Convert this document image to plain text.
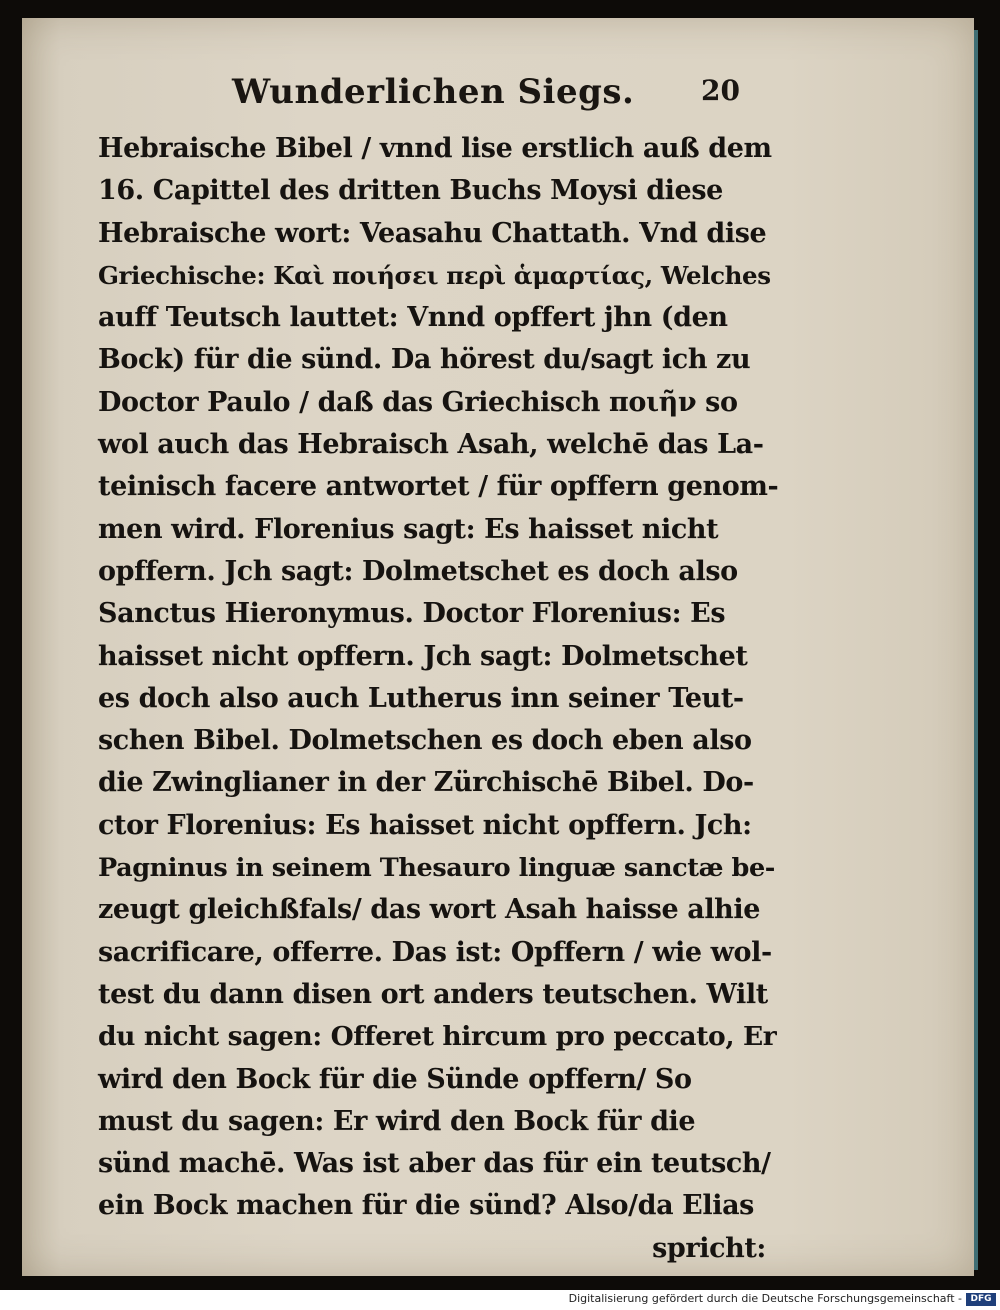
Wunderlichen Siegs. 20
Hebraische Bibel / vnnd lise erstlich auß dem
16. Capittel des dritten Buchs Moysi diese
Hebraische wort: Veasahu Chattath. Vnd dise
Griechische: Καὶ ποιήσει περὶ ἁμαρτίας, Welches
auff Teutsch lauttet: Vnnd opffert jhn (den
Bock) für die sünd. Da hörest du/sagt ich zu
Doctor Paulo / daß das Griechisch ποιῆν so
wol auch das Hebraisch Asah, welchē das La-
teinisch facere antwortet / für opffern genom-
men wird. Florenius sagt: Es haisset nicht
opffern. Jch sagt: Dolmetschet es doch also
Sanctus Hieronymus. Doctor Florenius: Es
haisset nicht opffern. Jch sagt: Dolmetschet
es doch also auch Lutherus inn seiner Teut-
schen Bibel. Dolmetschen es doch eben also
die Zwinglianer in der Zürchischē Bibel. Do-
ctor Florenius: Es haisset nicht opffern. Jch:
Pagninus in seinem Thesauro linguæ sanctæ be-
zeugt gleichßfals/ das wort Asah haisse alhie
sacrificare, offerre. Das ist: Opffern / wie wol-
test du dann disen ort anders teutschen. Wilt
du nicht sagen: Offeret hircum pro peccato, Er
wird den Bock für die Sünde opffern/ So
must du sagen: Er wird den Bock für die
sünd machē. Was ist aber das für ein teutsch/
ein Bock machen für die sünd? Also/da Elias
spricht:
Digitalisierung gefördert durch die Deutsche Forschungsgemeinschaft - DFG
